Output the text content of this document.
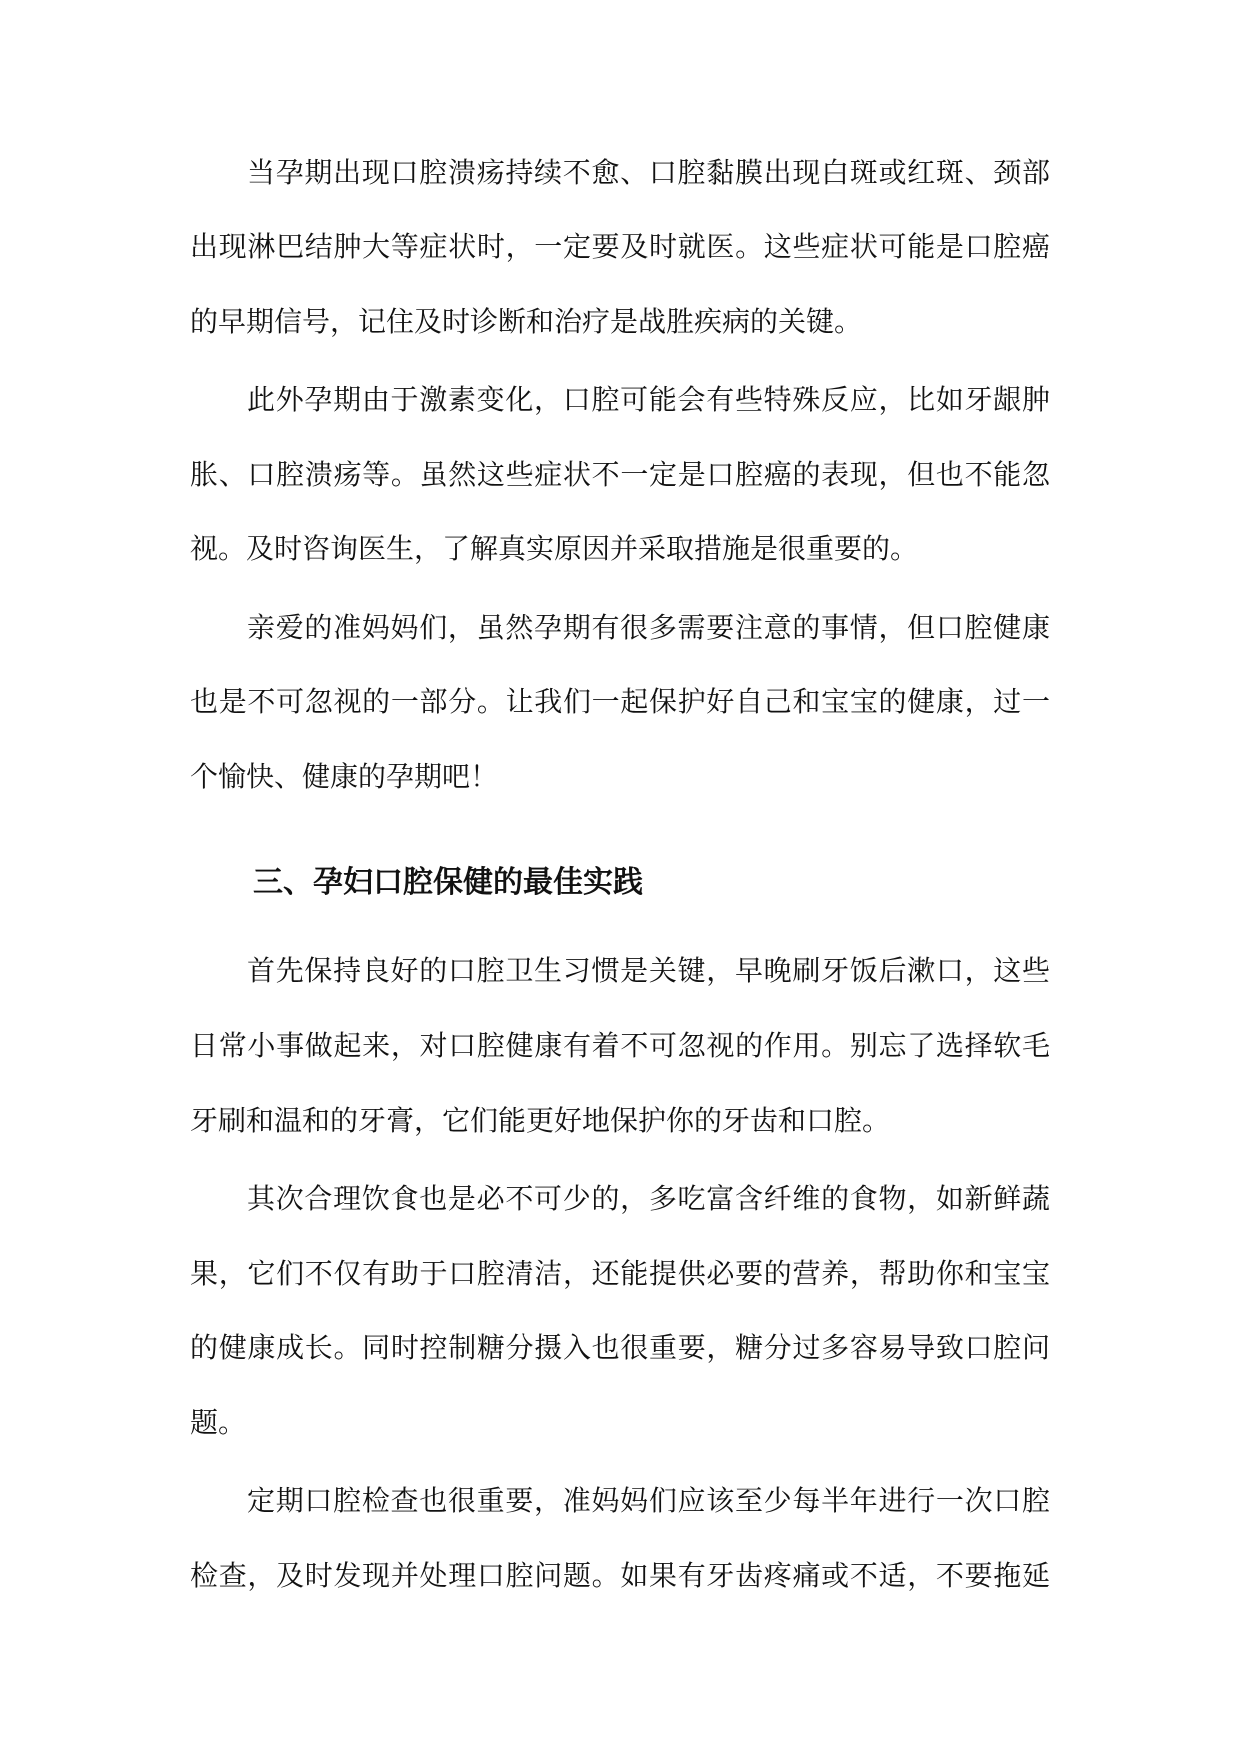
当孕期出现口腔溃疡持续不愈、口腔黏膜出现白斑或红斑、颈部

出现淋巴结肿大等症状时，一定要及时就医。这些症状可能是口腔癌

的早期信号，记住及时诊断和治疗是战胜疾病的关键。

此外孕期由于激素变化，口腔可能会有些特殊反应，比如牙龈肿

胀、口腔溃疡等。虽然这些症状不一定是口腔癌的表现，但也不能忽

视。及时咨询医生，了解真实原因并采取措施是很重要的。

亲爱的准妈妈们，虽然孕期有很多需要注意的事情，但口腔健康

也是不可忽视的一部分。让我们一起保护好自己和宝宝的健康，过一

个愉快、健康的孕期吧！

三、孕妇口腔保健的最佳实践

首先保持良好的口腔卫生习惯是关键，早晚刷牙饭后漱口，这些

日常小事做起来，对口腔健康有着不可忽视的作用。别忘了选择软毛

牙刷和温和的牙膏，它们能更好地保护你的牙齿和口腔。

其次合理饮食也是必不可少的，多吃富含纤维的食物，如新鲜蔬

果，它们不仅有助于口腔清洁，还能提供必要的营养，帮助你和宝宝

的健康成长。同时控制糖分摄入也很重要，糖分过多容易导致口腔问

题。

定期口腔检查也很重要，准妈妈们应该至少每半年进行一次口腔

检查，及时发现并处理口腔问题。如果有牙齿疼痛或不适，不要拖延
